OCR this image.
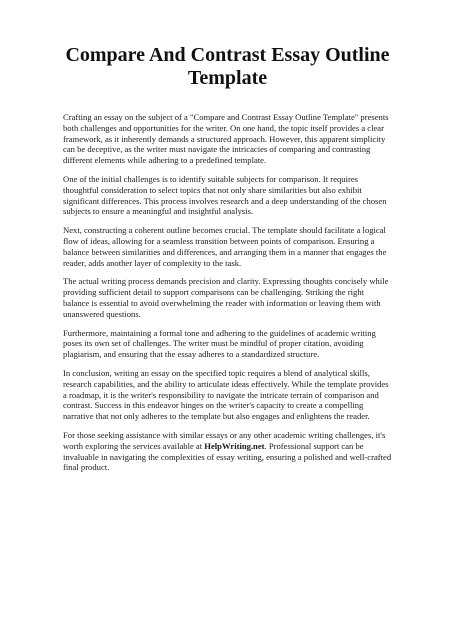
Compare And Contrast Essay Outline Template

Crafting an essay on the subject of a "Compare and Contrast Essay Outline Template" presents both challenges and opportunities for the writer. On one hand, the topic itself provides a clear framework, as it inherently demands a structured approach. However, this apparent simplicity can be deceptive, as the writer must navigate the intricacies of comparing and contrasting different elements while adhering to a predefined template.

One of the initial challenges is to identify suitable subjects for comparison. It requires thoughtful consideration to select topics that not only share similarities but also exhibit significant differences. This process involves research and a deep understanding of the chosen subjects to ensure a meaningful and insightful analysis.

Next, constructing a coherent outline becomes crucial. The template should facilitate a logical flow of ideas, allowing for a seamless transition between points of comparison. Ensuring a balance between similarities and differences, and arranging them in a manner that engages the reader, adds another layer of complexity to the task.

The actual writing process demands precision and clarity. Expressing thoughts concisely while providing sufficient detail to support comparisons can be challenging. Striking the right balance is essential to avoid overwhelming the reader with information or leaving them with unanswered questions.

Furthermore, maintaining a formal tone and adhering to the guidelines of academic writing poses its own set of challenges. The writer must be mindful of proper citation, avoiding plagiarism, and ensuring that the essay adheres to a standardized structure.

In conclusion, writing an essay on the specified topic requires a blend of analytical skills, research capabilities, and the ability to articulate ideas effectively. While the template provides a roadmap, it is the writer's responsibility to navigate the intricate terrain of comparison and contrast. Success in this endeavor hinges on the writer's capacity to create a compelling narrative that not only adheres to the template but also engages and enlightens the reader.

For those seeking assistance with similar essays or any other academic writing challenges, it's worth exploring the services available at HelpWriting.net. Professional support can be invaluable in navigating the complexities of essay writing, ensuring a polished and well-crafted final product.
